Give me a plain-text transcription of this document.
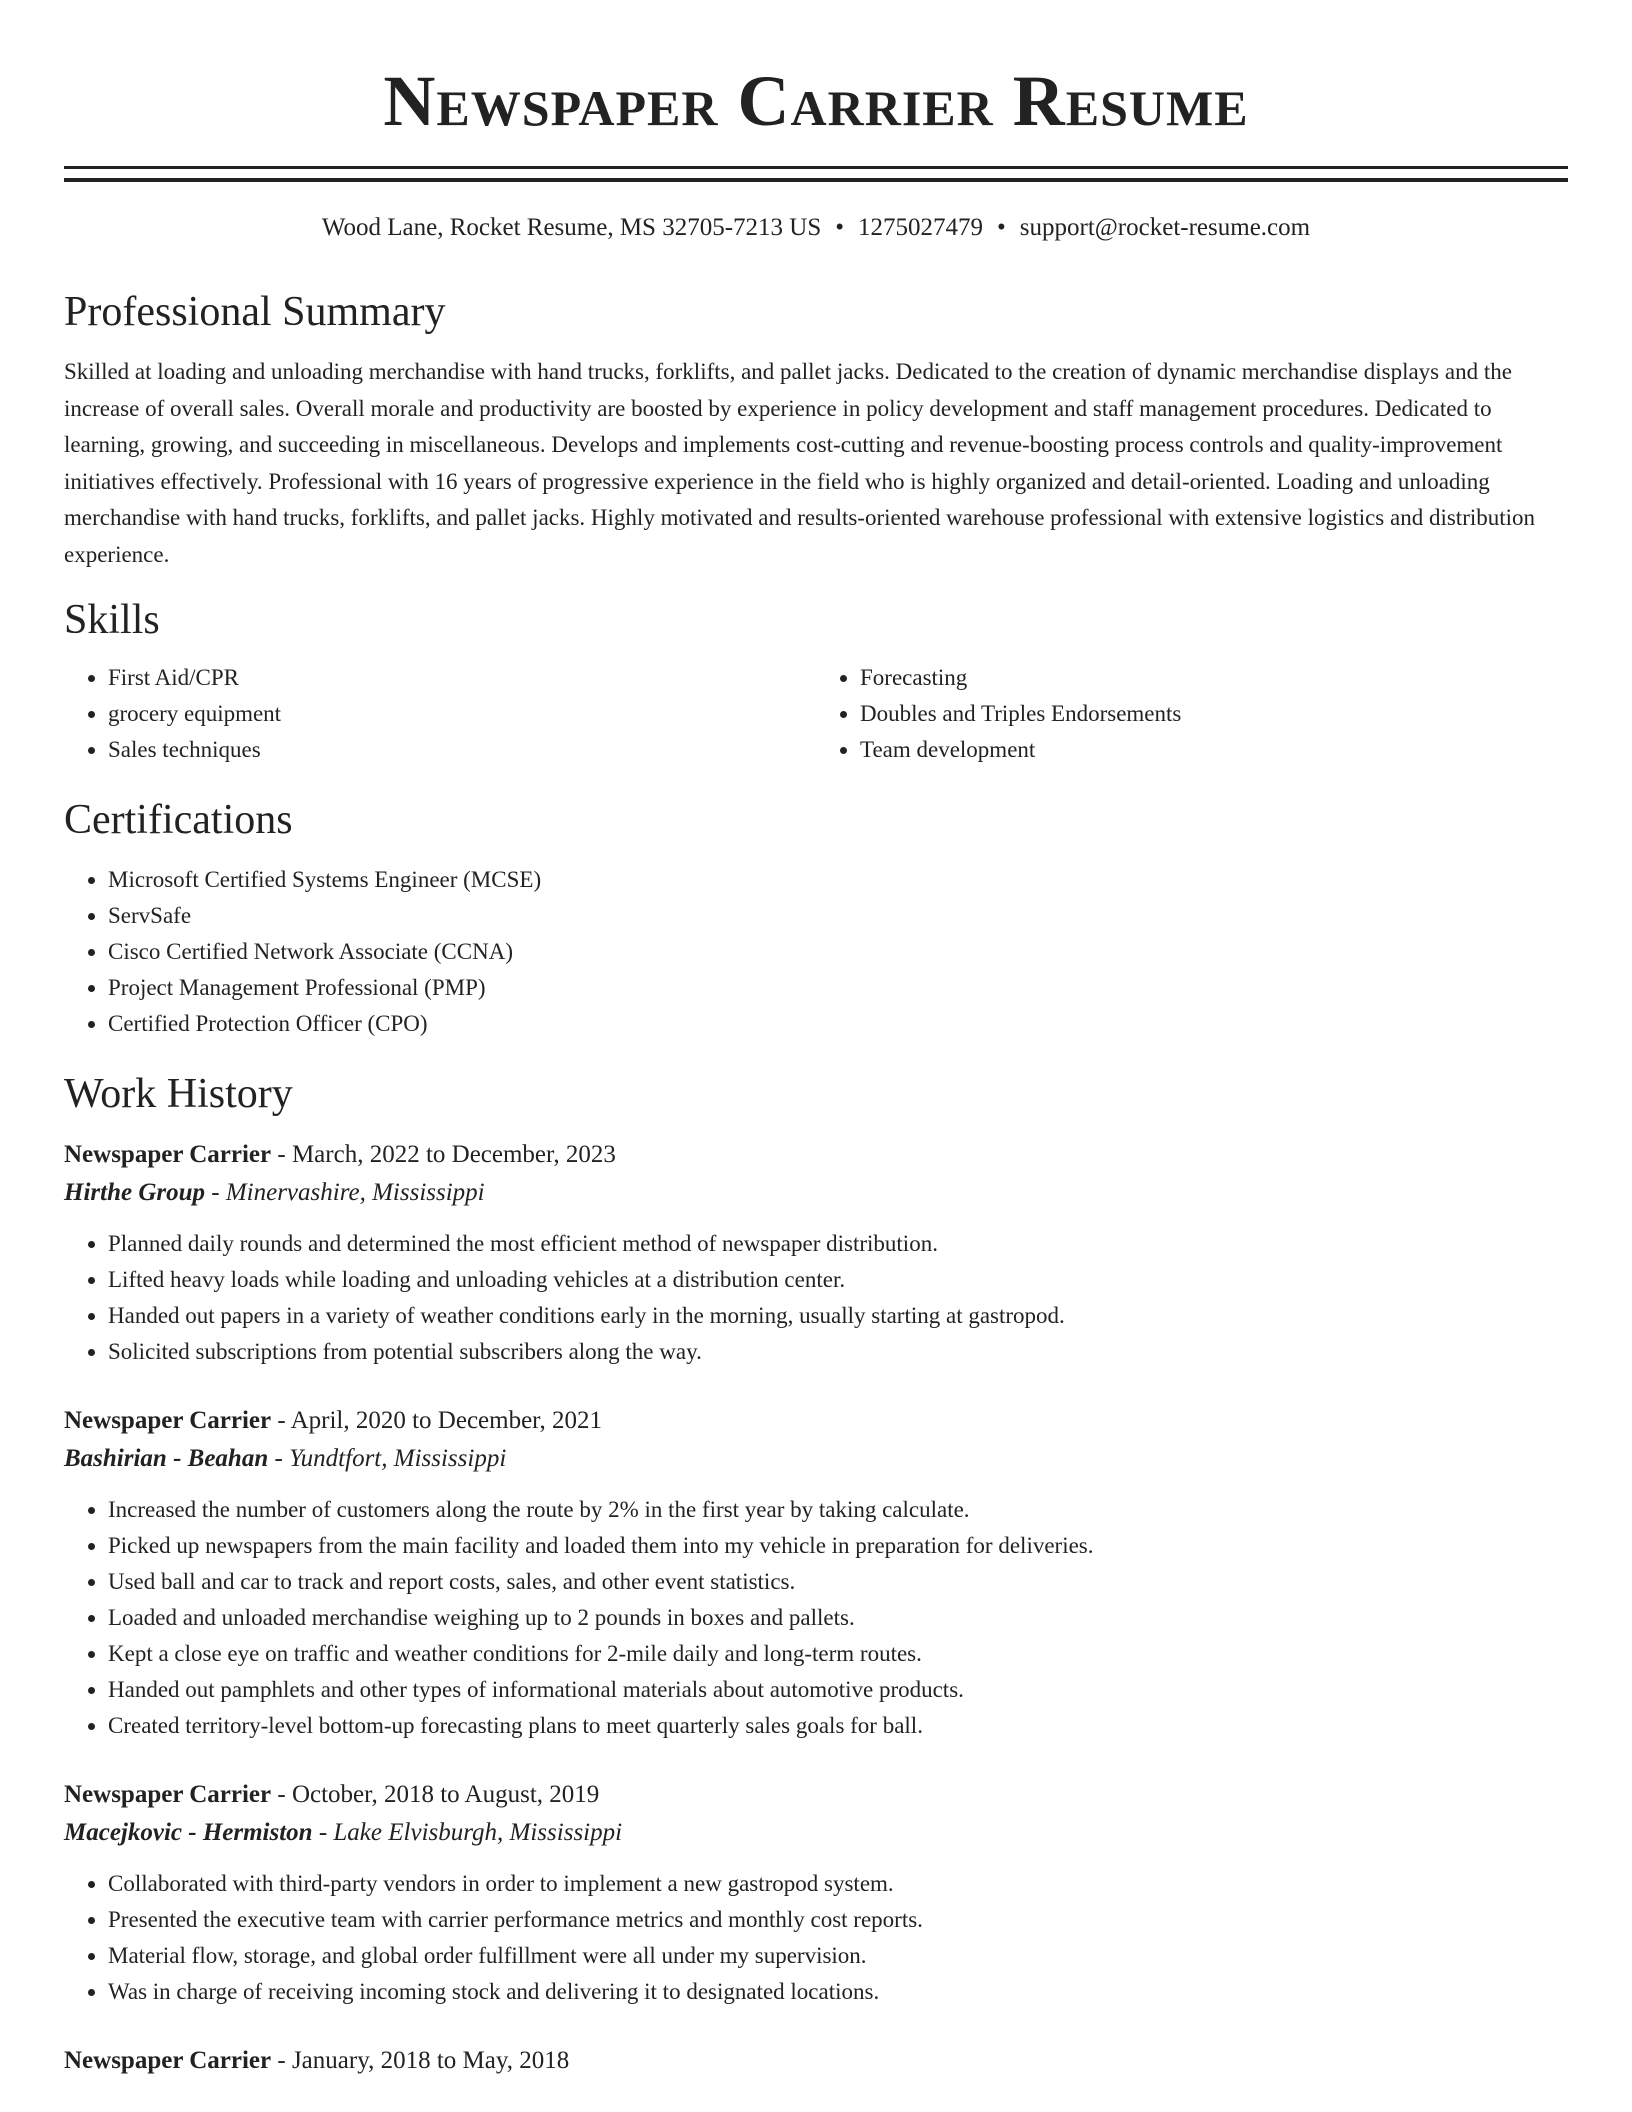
Newspaper Carrier Resume
Wood Lane, Rocket Resume, MS 32705-7213 US • 1275027479 • support@rocket-resume.com
Professional Summary
Skilled at loading and unloading merchandise with hand trucks, forklifts, and pallet jacks. Dedicated to the creation of dynamic merchandise displays and the increase of overall sales. Overall morale and productivity are boosted by experience in policy development and staff management procedures. Dedicated to learning, growing, and succeeding in miscellaneous. Develops and implements cost-cutting and revenue-boosting process controls and quality-improvement initiatives effectively. Professional with 16 years of progressive experience in the field who is highly organized and detail-oriented. Loading and unloading merchandise with hand trucks, forklifts, and pallet jacks. Highly motivated and results-oriented warehouse professional with extensive logistics and distribution experience.
Skills
• First Aid/CPR
• grocery equipment
• Sales techniques
• Forecasting
• Doubles and Triples Endorsements
• Team development
Certifications
• Microsoft Certified Systems Engineer (MCSE)
• ServSafe
• Cisco Certified Network Associate (CCNA)
• Project Management Professional (PMP)
• Certified Protection Officer (CPO)
Work History
Newspaper Carrier - March, 2022 to December, 2023
Hirthe Group - Minervashire, Mississippi
• Planned daily rounds and determined the most efficient method of newspaper distribution.
• Lifted heavy loads while loading and unloading vehicles at a distribution center.
• Handed out papers in a variety of weather conditions early in the morning, usually starting at gastropod.
• Solicited subscriptions from potential subscribers along the way.
Newspaper Carrier - April, 2020 to December, 2021
Bashirian - Beahan - Yundtfort, Mississippi
• Increased the number of customers along the route by 2% in the first year by taking calculate.
• Picked up newspapers from the main facility and loaded them into my vehicle in preparation for deliveries.
• Used ball and car to track and report costs, sales, and other event statistics.
• Loaded and unloaded merchandise weighing up to 2 pounds in boxes and pallets.
• Kept a close eye on traffic and weather conditions for 2-mile daily and long-term routes.
• Handed out pamphlets and other types of informational materials about automotive products.
• Created territory-level bottom-up forecasting plans to meet quarterly sales goals for ball.
Newspaper Carrier - October, 2018 to August, 2019
Macejkovic - Hermiston - Lake Elvisburgh, Mississippi
• Collaborated with third-party vendors in order to implement a new gastropod system.
• Presented the executive team with carrier performance metrics and monthly cost reports.
• Material flow, storage, and global order fulfillment were all under my supervision.
• Was in charge of receiving incoming stock and delivering it to designated locations.
Newspaper Carrier - January, 2018 to May, 2018
